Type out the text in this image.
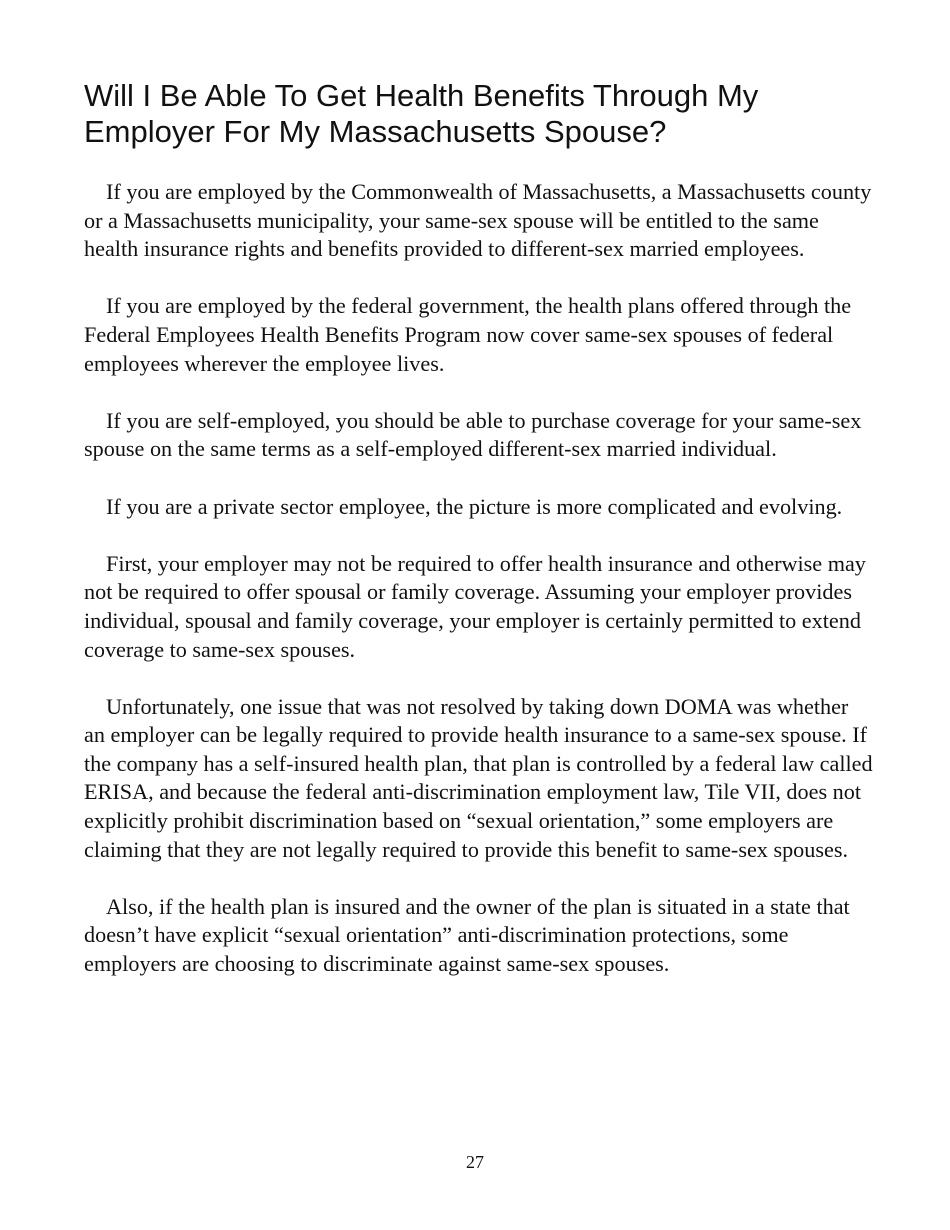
Will I Be Able To Get Health Benefits Through My Employer For My Massachusetts Spouse?

If you are employed by the Commonwealth of Massachusetts, a Massachusetts county or a Massachusetts municipality, your same-sex spouse will be entitled to the same health insurance rights and benefits provided to different-sex married employees.

If you are employed by the federal government, the health plans offered through the Federal Employees Health Benefits Program now cover same-sex spouses of federal employees wherever the employee lives.

If you are self-employed, you should be able to purchase coverage for your same-sex spouse on the same terms as a self-employed different-sex married individual.

If you are a private sector employee, the picture is more complicated and evolving.

First, your employer may not be required to offer health insurance and otherwise may not be required to offer spousal or family coverage. Assuming your employer provides individual, spousal and family coverage, your employer is certainly permitted to extend coverage to same-sex spouses.

Unfortunately, one issue that was not resolved by taking down DOMA was whether an employer can be legally required to provide health insurance to a same-sex spouse. If the company has a self-insured health plan, that plan is controlled by a federal law called ERISA, and because the federal anti-discrimination employment law, Tile VII, does not explicitly prohibit discrimination based on “sexual orientation,” some employers are claiming that they are not legally required to provide this benefit to same-sex spouses.

Also, if the health plan is insured and the owner of the plan is situated in a state that doesn’t have explicit “sexual orientation” anti-discrimination protections, some employers are choosing to discriminate against same-sex spouses.

27
